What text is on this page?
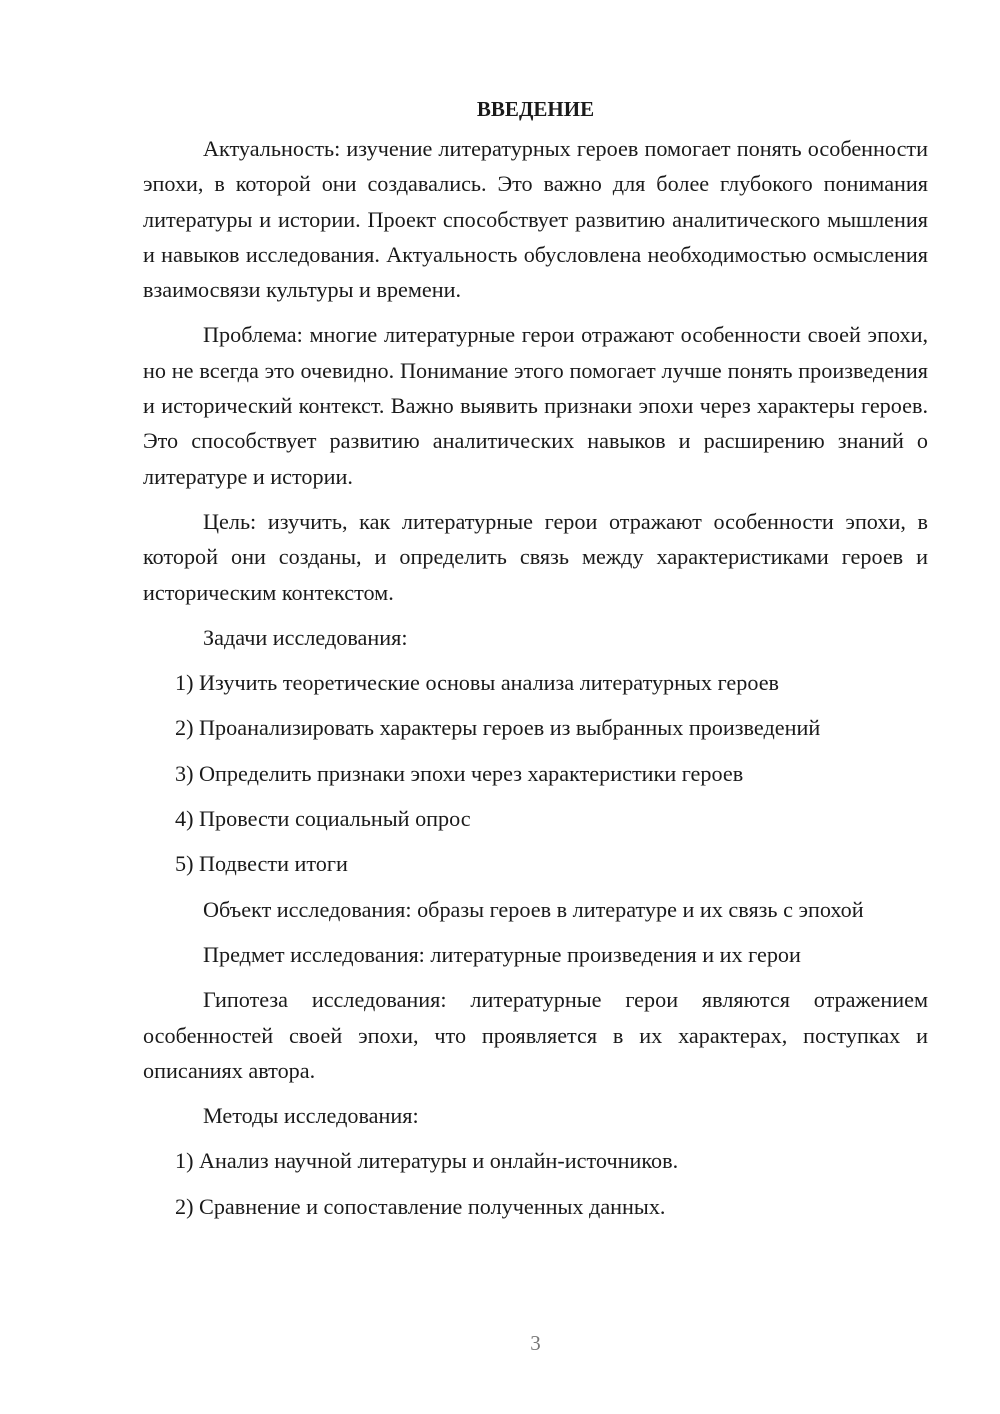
ВВЕДЕНИЕ

Актуальность: изучение литературных героев помогает понять особенности эпохи, в которой они создавались. Это важно для более глубокого понимания литературы и истории. Проект способствует развитию аналитического мышления и навыков исследования. Актуальность обусловлена необходимостью осмысления взаимосвязи культуры и времени.

Проблема: многие литературные герои отражают особенности своей эпохи, но не всегда это очевидно. Понимание этого помогает лучше понять произведения и исторический контекст. Важно выявить признаки эпохи через характеры героев. Это способствует развитию аналитических навыков и расширению знаний о литературе и истории.

Цель: изучить, как литературные герои отражают особенности эпохи, в которой они созданы, и определить связь между характеристиками героев и историческим контекстом.

Задачи исследования:

1) Изучить теоретические основы анализа литературных героев
2) Проанализировать характеры героев из выбранных произведений
3) Определить признаки эпохи через характеристики героев
4) Провести социальный опрос
5) Подвести итоги

Объект исследования: образы героев в литературе и их связь с эпохой

Предмет исследования: литературные произведения и их герои

Гипотеза исследования: литературные герои являются отражением особенностей своей эпохи, что проявляется в их характерах, поступках и описаниях автора.

Методы исследования:

1) Анализ научной литературы и онлайн-источников.
2) Сравнение и сопоставление полученных данных.
3
